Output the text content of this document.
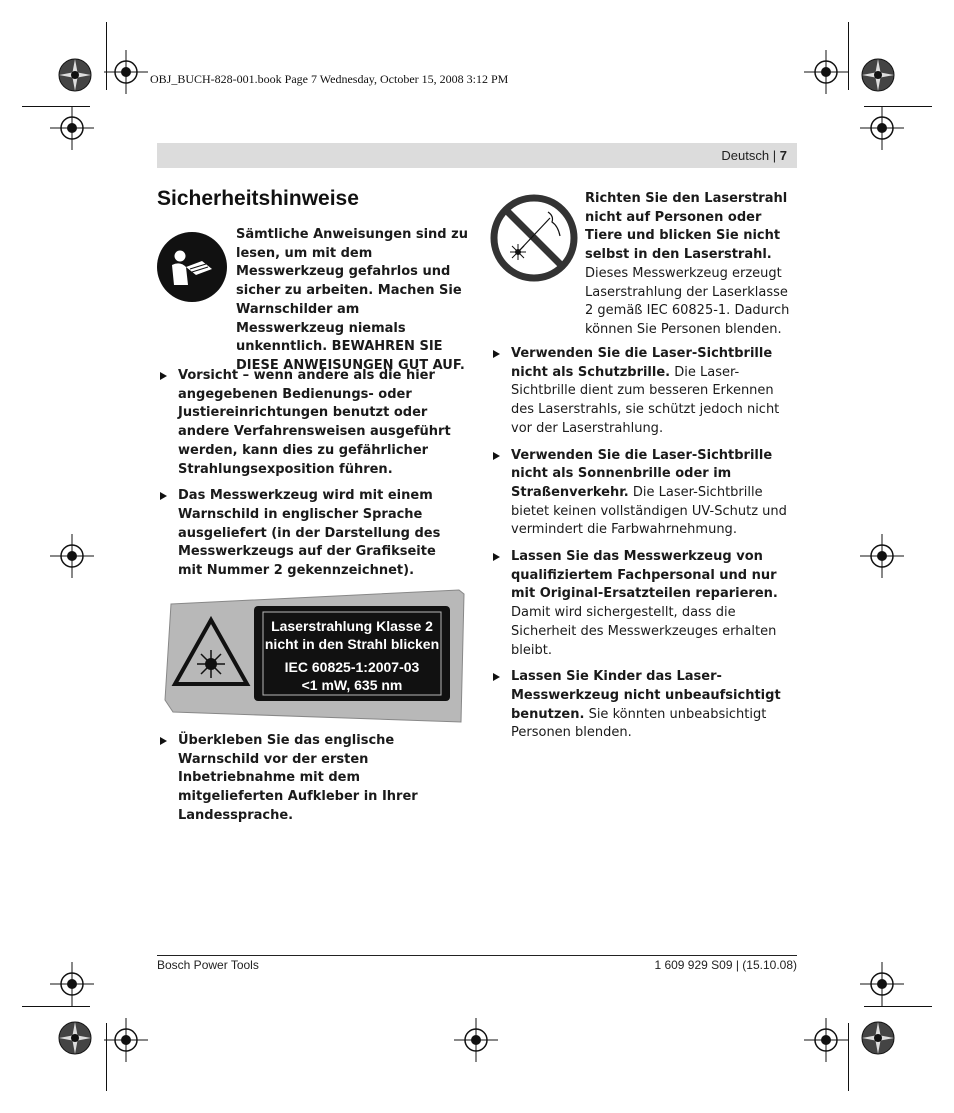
OBJ_BUCH-828-001.book Page 7 Wednesday, October 15, 2008 3:12 PM
Deutsch | 7
Sicherheitshinweise
Sämtliche Anweisungen sind zu lesen, um mit dem Messwerkzeug gefahrlos und sicher zu arbeiten. Machen Sie Warnschilder am Messwerkzeug niemals unkenntlich. BEWAHREN SIE DIESE ANWEISUNGEN GUT AUF.
Vorsicht – wenn andere als die hier angegebenen Bedienungs- oder Justiereinrichtungen benutzt oder andere Verfahrensweisen ausgeführt werden, kann dies zu gefährlicher Strahlungsexposition führen.
Das Messwerkzeug wird mit einem Warnschild in englischer Sprache ausgeliefert (in der Darstellung des Messwerkzeugs auf der Grafikseite mit Nummer 2 gekennzeichnet).
Laserstrahlung Klasse 2
nicht in den Strahl blicken
IEC 60825-1:2007-03
<1 mW, 635 nm
Überkleben Sie das englische Warnschild vor der ersten Inbetriebnahme mit dem mitgelieferten Aufkleber in Ihrer Landessprache.
Richten Sie den Laserstrahl nicht auf Personen oder Tiere und blicken Sie nicht selbst in den Laserstrahl. Dieses Messwerkzeug erzeugt Laserstrahlung der Laserklasse 2 gemäß IEC 60825-1. Dadurch können Sie Personen blenden.
Verwenden Sie die Laser-Sichtbrille nicht als Schutzbrille. Die Laser-Sichtbrille dient zum besseren Erkennen des Laserstrahls, sie schützt jedoch nicht vor der Laserstrahlung.
Verwenden Sie die Laser-Sichtbrille nicht als Sonnenbrille oder im Straßenverkehr. Die Laser-Sichtbrille bietet keinen vollständigen UV-Schutz und vermindert die Farbwahrnehmung.
Lassen Sie das Messwerkzeug von qualifiziertem Fachpersonal und nur mit Original-Ersatzteilen reparieren. Damit wird sichergestellt, dass die Sicherheit des Messwerkzeuges erhalten bleibt.
Lassen Sie Kinder das Laser-Messwerkzeug nicht unbeaufsichtigt benutzen. Sie könnten unbeabsichtigt Personen blenden.
Bosch Power Tools	1 609 929 S09 | (15.10.08)
